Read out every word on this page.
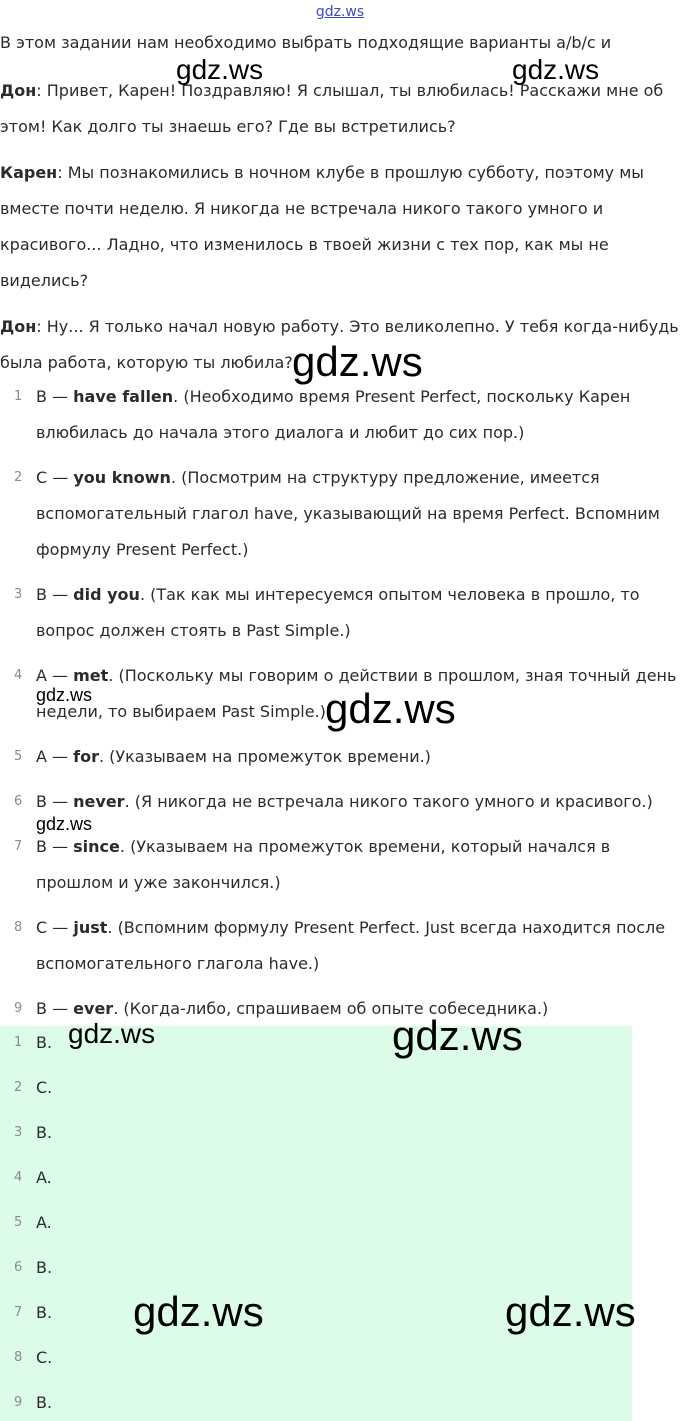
gdz.ws
В этом задании нам необходимо выбрать подходящие варианты a/b/c и
Дон: Привет, Карен! Поздравляю! Я слышал, ты влюбилась! Расскажи мне об
этом! Как долго ты знаешь его? Где вы встретились?
Карен: Мы познакомились в ночном клубе в прошлую субботу, поэтому мы
вместе почти неделю. Я никогда не встречала никого такого умного и
красивого... Ладно, что изменилось в твоей жизни с тех пор, как мы не
виделись?
Дон: Ну... Я только начал новую работу. Это великолепно. У тебя когда-нибудь
была работа, которую ты любила?
1 B — have fallen. (Необходимо время Present Perfect, поскольку Карен
влюбилась до начала этого диалога и любит до сих пор.)
2 C — you known. (Посмотрим на структуру предложение, имеется
вспомогательный глагол have, указывающий на время Perfect. Вспомним
формулу Present Perfect.)
3 B — did you. (Так как мы интересуемся опытом человека в прошло, то
вопрос должен стоять в Past Simple.)
4 A — met. (Поскольку мы говорим о действии в прошлом, зная точный день
недели, то выбираем Past Simple.)
5 A — for. (Указываем на промежуток времени.)
6 B — never. (Я никогда не встречала никого такого умного и красивого.)
7 B — since. (Указываем на промежуток времени, который начался в
прошлом и уже закончился.)
8 C — just. (Вспомним формулу Present Perfect. Just всегда находится после
вспомогательного глагола have.)
9 B — ever. (Когда-либо, спрашиваем об опыте собеседника.)
1 B.
2 C.
3 B.
4 A.
5 A.
6 B.
7 B.
8 C.
9 B.
gdz.ws	gdz.ws
gdz.ws
gdz.ws	gdz.ws
gdz.ws
gdz.ws	gdz.ws
gdz.ws	gdz.ws
